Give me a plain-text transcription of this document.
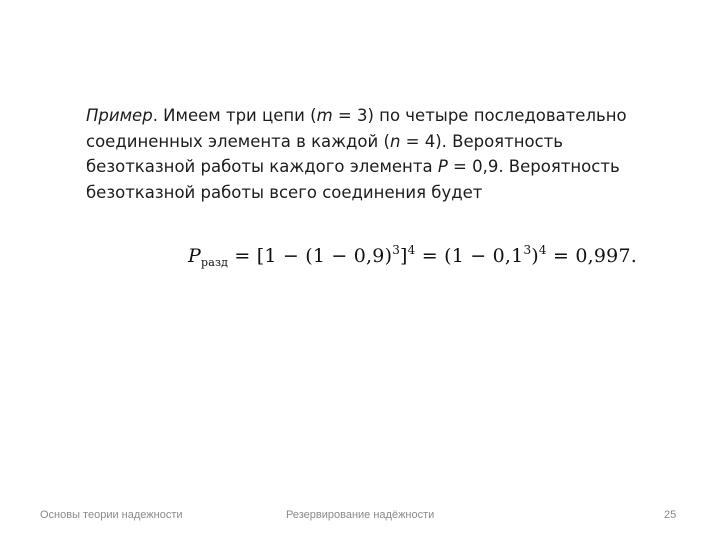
Пример. Имеем три цепи (m = 3) по четыре последовательно
соединенных элемента в каждой (n = 4). Вероятность
безотказной работы каждого элемента P = 0,9. Вероятность
безотказной работы всего соединения будет
$P_{разд} = [1 - (1 - 0,9)^3]^4 = (1 - 0,1^3)^4 = 0,997$.
Основы теории надежности	Резервирование надёжности	25
